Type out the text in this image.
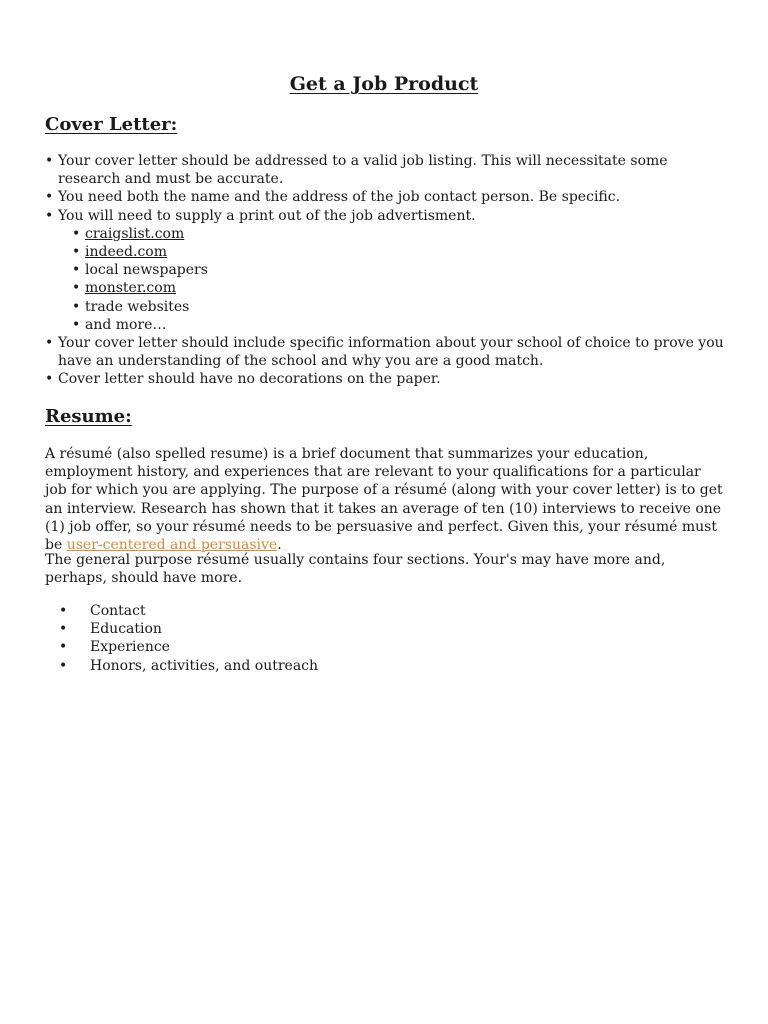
Get a Job Product
Cover Letter:
• Your cover letter should be addressed to a valid job listing. This will necessitate some research and must be accurate.
• You need both the name and the address of the job contact person. Be specific.
• You will need to supply a print out of the job advertisment.
• craigslist.com
• indeed.com
• local newspapers
• monster.com
• trade websites
• and more…
• Your cover letter should include specific information about your school of choice to prove you have an understanding of the school and why you are a good match.
• Cover letter should have no decorations on the paper.
Resume:

A résumé (also spelled resume) is a brief document that summarizes your education, employment history, and experiences that are relevant to your qualifications for a particular job for which you are applying. The purpose of a résumé (along with your cover letter) is to get an interview. Research has shown that it takes an average of ten (10) interviews to receive one (1) job offer, so your résumé needs to be persuasive and perfect. Given this, your résumé must be user-centered and persuasive.

The general purpose résumé usually contains four sections. Your's may have more and, perhaps, should have more.

• Contact
• Education
• Experience
• Honors, activities, and outreach
